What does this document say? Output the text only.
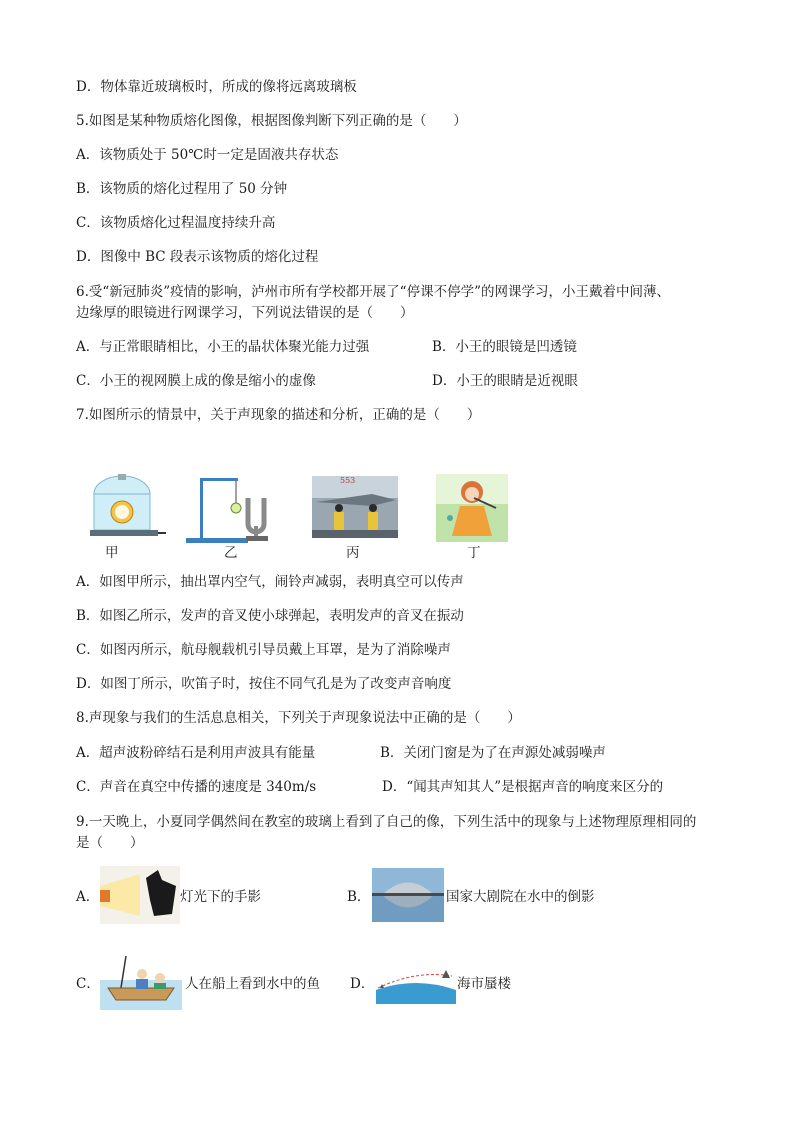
D．物体靠近玻璃板时，所成的像将远离玻璃板
5.如图是某种物质熔化图像，根据图像判断下列正确的是（　　）
A．该物质处于 50℃时一定是固液共存状态
B．该物质的熔化过程用了 50 分钟
C．该物质熔化过程温度持续升高
D．图像中 BC 段表示该物质的熔化过程
6.受“新冠肺炎”疫情的影响，泸州市所有学校都开展了“停课不停学”的网课学习，小王戴着中间薄、
边缘厚的眼镜进行网课学习，下列说法错误的是（　　）
A．与正常眼睛相比，小王的晶状体聚光能力过强	B．小王的眼镜是凹透镜
C．小王的视网膜上成的像是缩小的虚像	D．小王的眼睛是近视眼
7.如图所示的情景中，关于声现象的描述和分析，正确的是（　　）
甲	乙
553
丙	丁
A．如图甲所示，抽出罩内空气，闹铃声减弱，表明真空可以传声
B．如图乙所示，发声的音叉使小球弹起，表明发声的音叉在振动
C．如图丙所示，航母舰载机引导员戴上耳罩，是为了消除噪声
D．如图丁所示，吹笛子时，按住不同气孔是为了改变声音响度
8.声现象与我们的生活息息相关，下列关于声现象说法中正确的是（　　）
A．超声波粉碎结石是利用声波具有能量	B．关闭门窗是为了在声源处减弱噪声
C．声音在真空中传播的速度是 340m/s	D．“闻其声知其人”是根据声音的响度来区分的
9.一天晚上，小夏同学偶然间在教室的玻璃上看到了自己的像，下列生活中的现象与上述物理原理相同的
是（　　）
A．	灯光下的手影	B．	国家大剧院在水中的倒影
C．	人在船上看到水中的鱼 D．	海市蜃楼
